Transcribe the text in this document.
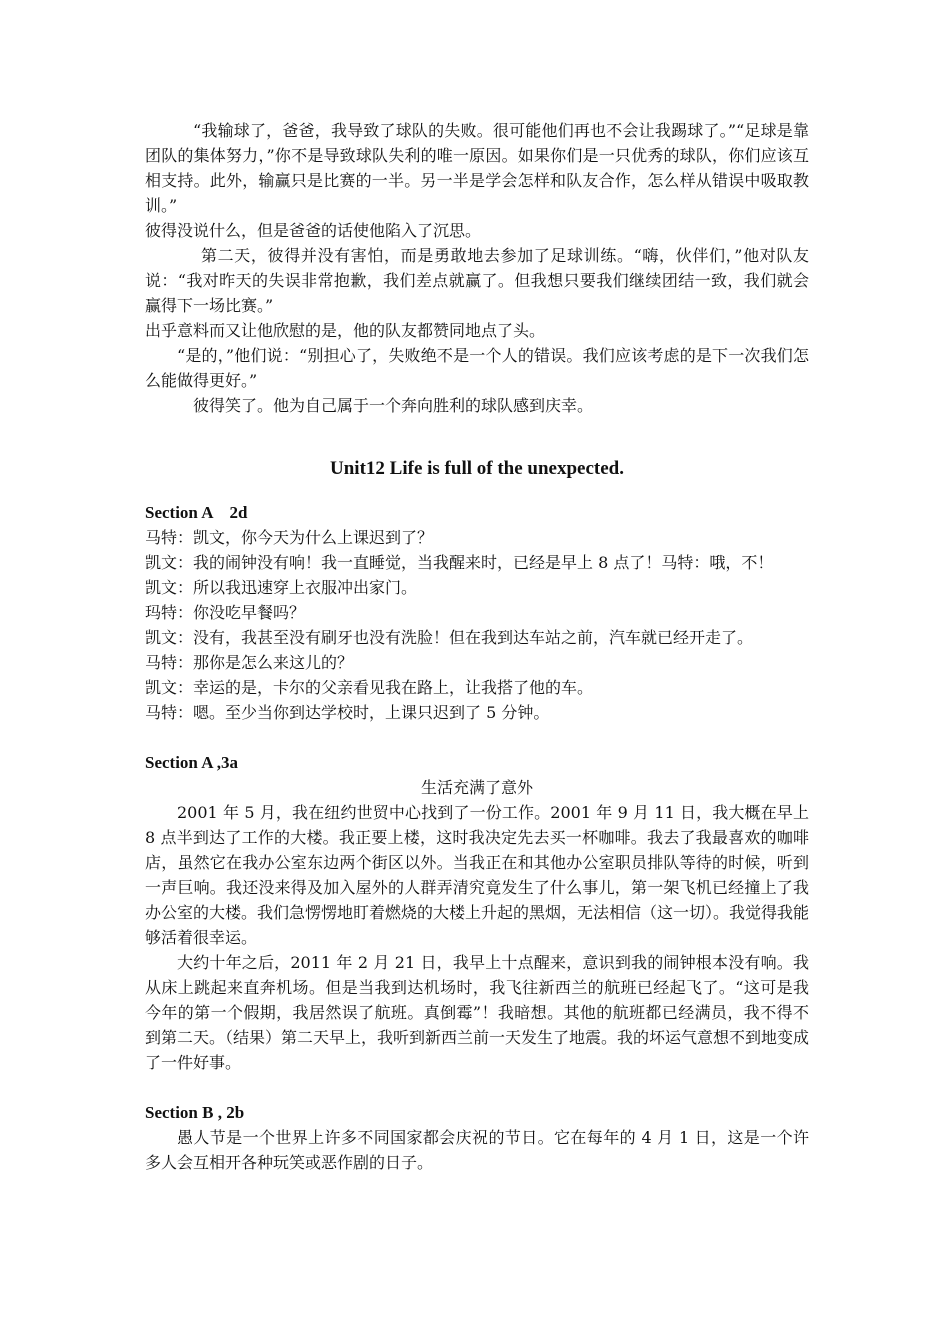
“我输球了，爸爸，我导致了球队的失败。很可能他们再也不会让我踢球了。”“足球是靠团队的集体努力，”你不是导致球队失利的唯一原因。如果你们是一只优秀的球队，你们应该互相支持。此外，输赢只是比赛的一半。另一半是学会怎样和队友合作，怎么样从错误中吸取教训。”

彼得没说什么，但是爸爸的话使他陷入了沉思。

第二天，彼得并没有害怕，而是勇敢地去参加了足球训练。“嗨，伙伴们，”他对队友说：“我对昨天的失误非常抱歉，我们差点就赢了。但我想只要我们继续团结一致，我们就会赢得下一场比赛。”

出乎意料而又让他欣慰的是，他的队友都赞同地点了头。

“是的，”他们说：“别担心了，失败绝不是一个人的错误。我们应该考虑的是下一次我们怎么能做得更好。”

彼得笑了。他为自己属于一个奔向胜利的球队感到庆幸。

Unit12 Life is full of the unexpected.
Section A　2d
马特：凯文，你今天为什么上课迟到了？
凯文：我的闹钟没有响！我一直睡觉，当我醒来时，已经是早上 8 点了！马特：哦，不！
凯文：所以我迅速穿上衣服冲出家门。
玛特：你没吃早餐吗？
凯文：没有，我甚至没有刷牙也没有洗脸！但在我到达车站之前，汽车就已经开走了。
马特：那你是怎么来这儿的？
凯文：幸运的是，卡尔的父亲看见我在路上，让我搭了他的车。
马特：嗯。至少当你到达学校时，上课只迟到了 5 分钟。
Section A ,3a
生活充满了意外

2001 年 5 月，我在纽约世贸中心找到了一份工作。2001 年 9 月 11 日，我大概在早上 8 点半到达了工作的大楼。我正要上楼，这时我决定先去买一杯咖啡。我去了我最喜欢的咖啡店，虽然它在我办公室东边两个街区以外。当我正在和其他办公室职员排队等待的时候，听到一声巨响。我还没来得及加入屋外的人群弄清究竟发生了什么事儿，第一架飞机已经撞上了我办公室的大楼。我们急愣愣地盯着燃烧的大楼上升起的黑烟，无法相信（这一切）。我觉得我能够活着很幸运。

大约十年之后，2011 年 2 月 21 日，我早上十点醒来，意识到我的闹钟根本没有响。我从床上跳起来直奔机场。但是当我到达机场时，我飞往新西兰的航班已经起飞了。“这可是我今年的第一个假期，我居然误了航班。真倒霉”！我暗想。其他的航班都已经满员，我不得不到第二天。（结果）第二天早上，我听到新西兰前一天发生了地震。我的坏运气意想不到地变成了一件好事。

Section B , 2b

愚人节是一个世界上许多不同国家都会庆祝的节日。它在每年的 4 月 1 日，这是一个许多人会互相开各种玩笑或恶作剧的日子。
